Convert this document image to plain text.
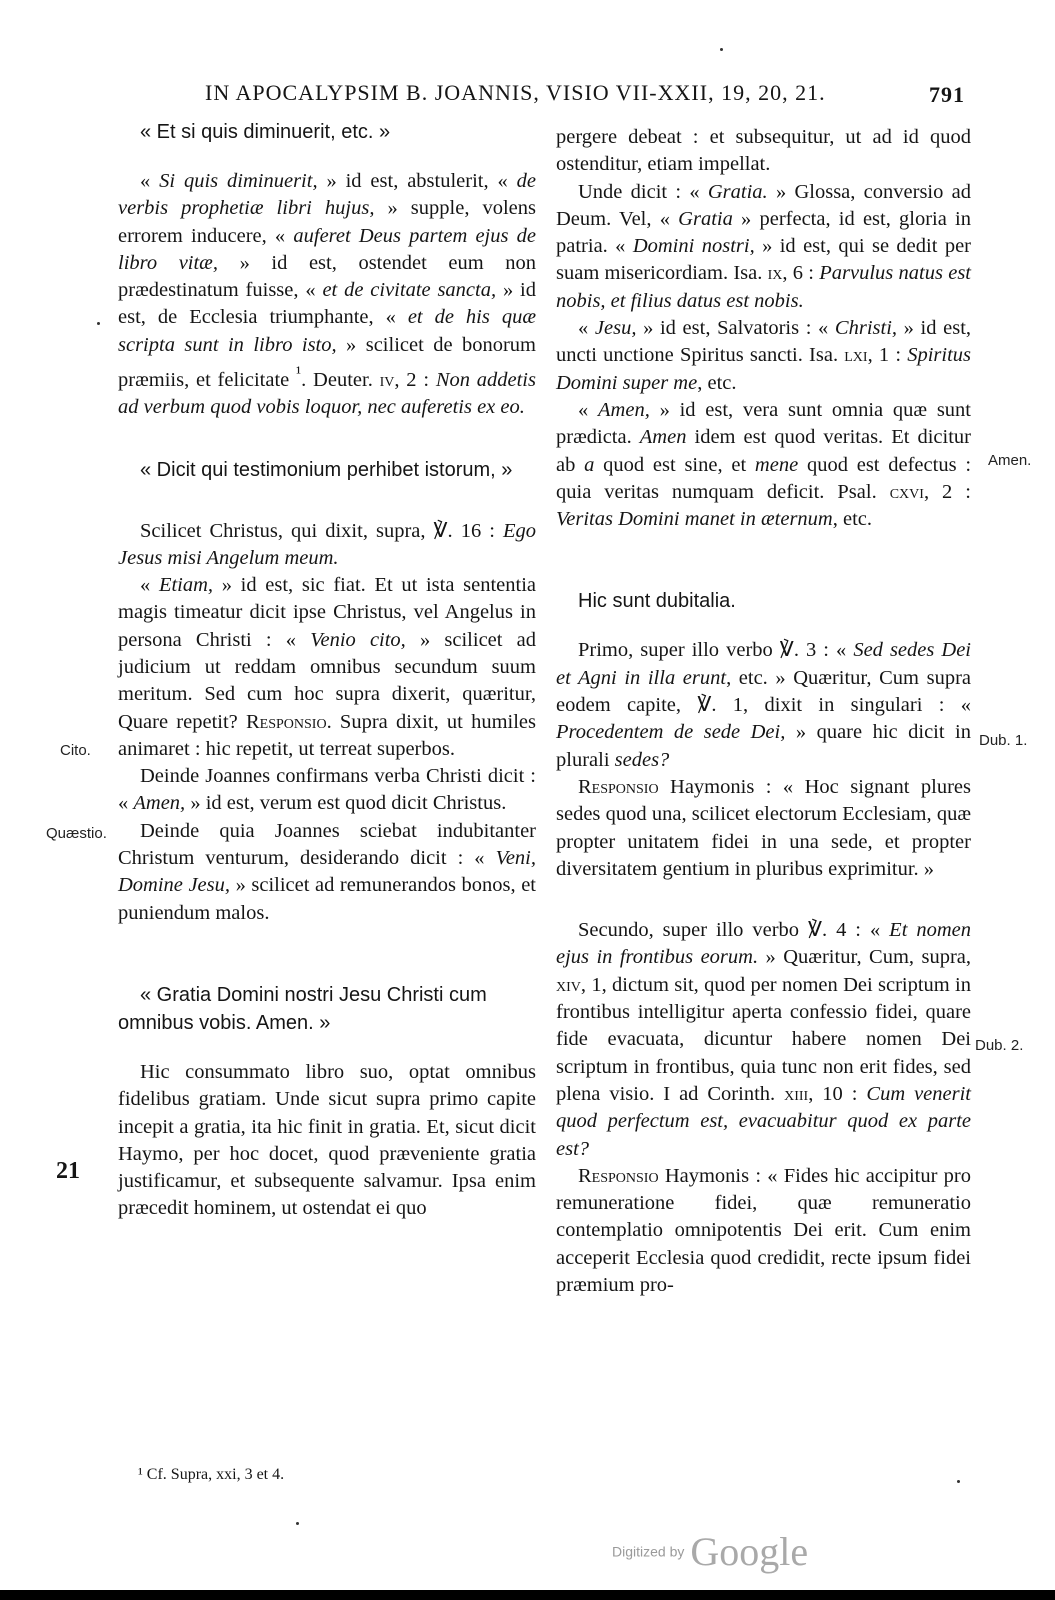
IN APOCALYPSIM B. JOANNIS, VISIO VII-XXII, 19, 20, 21.	791

« Et si quis diminuerit, etc. »

« Si quis diminuerit, » id est, abstulerit, « de verbis prophetiæ libri hujus, » supple, volens errorem inducere, « auferet Deus partem ejus de libro vitæ, » id est, ostendet eum non prædestinatum fuisse, « et de civitate sancta, » id est, de Ecclesia triumphante, « et de his quæ scripta sunt in libro isto, » scilicet de bonorum præmiis, et felicitate $^{^1}$. Deuter. iv, 2 : Non addetis ad verbum quod vobis loquor, nec auferetis ex eo.

« Dicit qui testimonium perhibet istorum, »

Scilicet Christus, qui dixit, supra, ℣. 16 : Ego Jesus misi Angelum meum.

« Etiam, » id est, sic fiat. Et ut ista sententia magis timeatur dicit ipse Christus, vel Angelus in persona Christi : « Venio cito, » scilicet ad judicium ut reddam omnibus secundum suum meritum. Sed cum hoc supra dixerit, quæritur, Quare repetit? Responsio. Supra dixit, ut humiles animaret : hic repetit, ut terreat superbos.

Deinde Joannes confirmans verba Christi dicit : « Amen, » id est, verum est quod dicit Christus.

Deinde quia Joannes sciebat indubitanter Christum venturum, desiderando dicit : « Veni, Domine Jesu, » scilicet ad remunerandos bonos, et puniendum malos.

« Gratia Domini nostri Jesu Christi cum omnibus vobis. Amen. »

Hic consummato libro suo, optat omnibus fidelibus gratiam. Unde sicut supra primo capite incepit a gratia, ita hic finit in gratia. Et, sicut dicit Haymo, per hoc docet, quod præveniente gratia justificamur, et subsequente salvamur. Ipsa enim præcedit hominem, ut ostendat ei quo

pergere debeat : et subsequitur, ut ad id quod ostenditur, etiam impellat.

Unde dicit : « Gratia. » Glossa, conversio ad Deum. Vel, « Gratia » perfecta, id est, gloria in patria. « Domini nostri, » id est, qui se dedit per suam misericordiam. Isa. ix, 6 : Parvulus natus est nobis, et filius datus est nobis.

« Jesu, » id est, Salvatoris : « Christi, » id est, uncti unctione Spiritus sancti. Isa. lxi, 1 : Spiritus Domini super me, etc.

« Amen, » id est, vera sunt omnia quæ sunt prædicta. Amen idem est quod veritas. Et dicitur ab a quod est sine, et mene quod est defectus : quia veritas numquam deficit. Psal. cxvi, 2 : Veritas Domini manet in æternum, etc.

Hic sunt dubitalia.

Primo, super illo verbo ℣. 3 : « Sed sedes Dei et Agni in illa erunt, etc. » Quæritur, Cum supra eodem capite, ℣. 1, dixit in singulari : « Procedentem de sede Dei, » quare hic dicit in plurali sedes?

Responsio Haymonis : « Hoc signant plures sedes quod una, scilicet electorum Ecclesiam, quæ propter unitatem fidei in una sede, et propter diversitatem gentium in pluribus exprimitur. »

Secundo, super illo verbo ℣. 4 : « Et nomen ejus in frontibus eorum. » Quæritur, Cum, supra, xiv, 1, dictum sit, quod per nomen Dei scriptum in frontibus intelligitur aperta confessio fidei, quare fide evacuata, dicuntur habere nomen Dei scriptum in frontibus, quia tunc non erit fides, sed plena visio. I ad Corinth. xiii, 10 : Cum venerit quod perfectum est, evacuabitur quod ex parte est?

Responsio Haymonis : « Fides hic accipitur pro remuneratione fidei, quæ remuneratio contemplatio omnipotentis Dei erit. Cum enim acceperit Ecclesia quod credidit, recte ipsum fidei præmium pro-

Cito.
Quæstio.
Amen.
Dub. 1.
Dub. 2.
21
¹ Cf. Supra, xxi, 3 et 4.
Digitized by Google
